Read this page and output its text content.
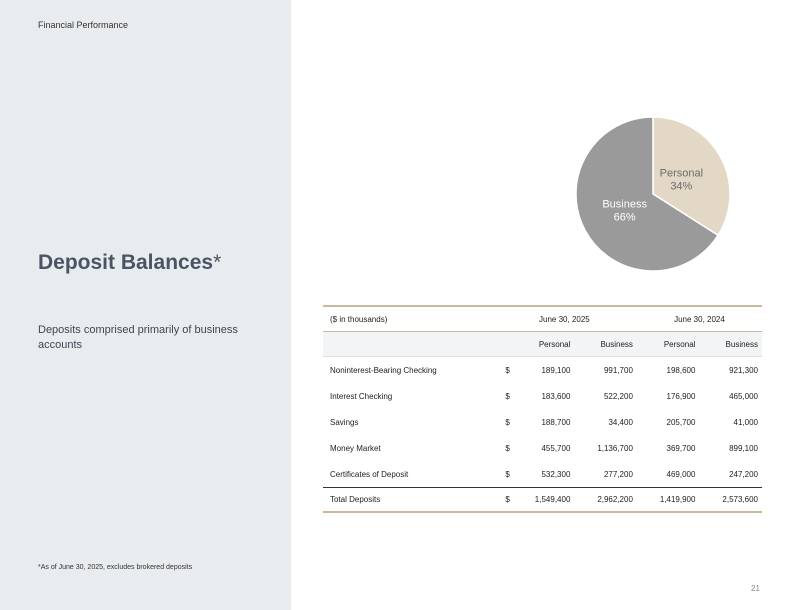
Financial Performance
Deposit Balances*
Deposits comprised primarily of business accounts
*As of June 30, 2025, excludes brokered deposits
21
Personal
34%
Business
66%
($ in thousands)	June 30, 2025			June 30, 2024	
		Personal	Business	Personal	Business
Noninterest-Bearing Checking	$	189,100	991,700	198,600	921,300
Interest Checking	$	183,600	522,200	176,900	465,000
Savings	$	188,700	34,400	205,700	41,000
Money Market	$	455,700	1,136,700	369,700	899,100
Certificates of Deposit	$	532,300	277,200	469,000	247,200
Total Deposits	$	1,549,400	2,962,200	1,419,900	2,573,600
